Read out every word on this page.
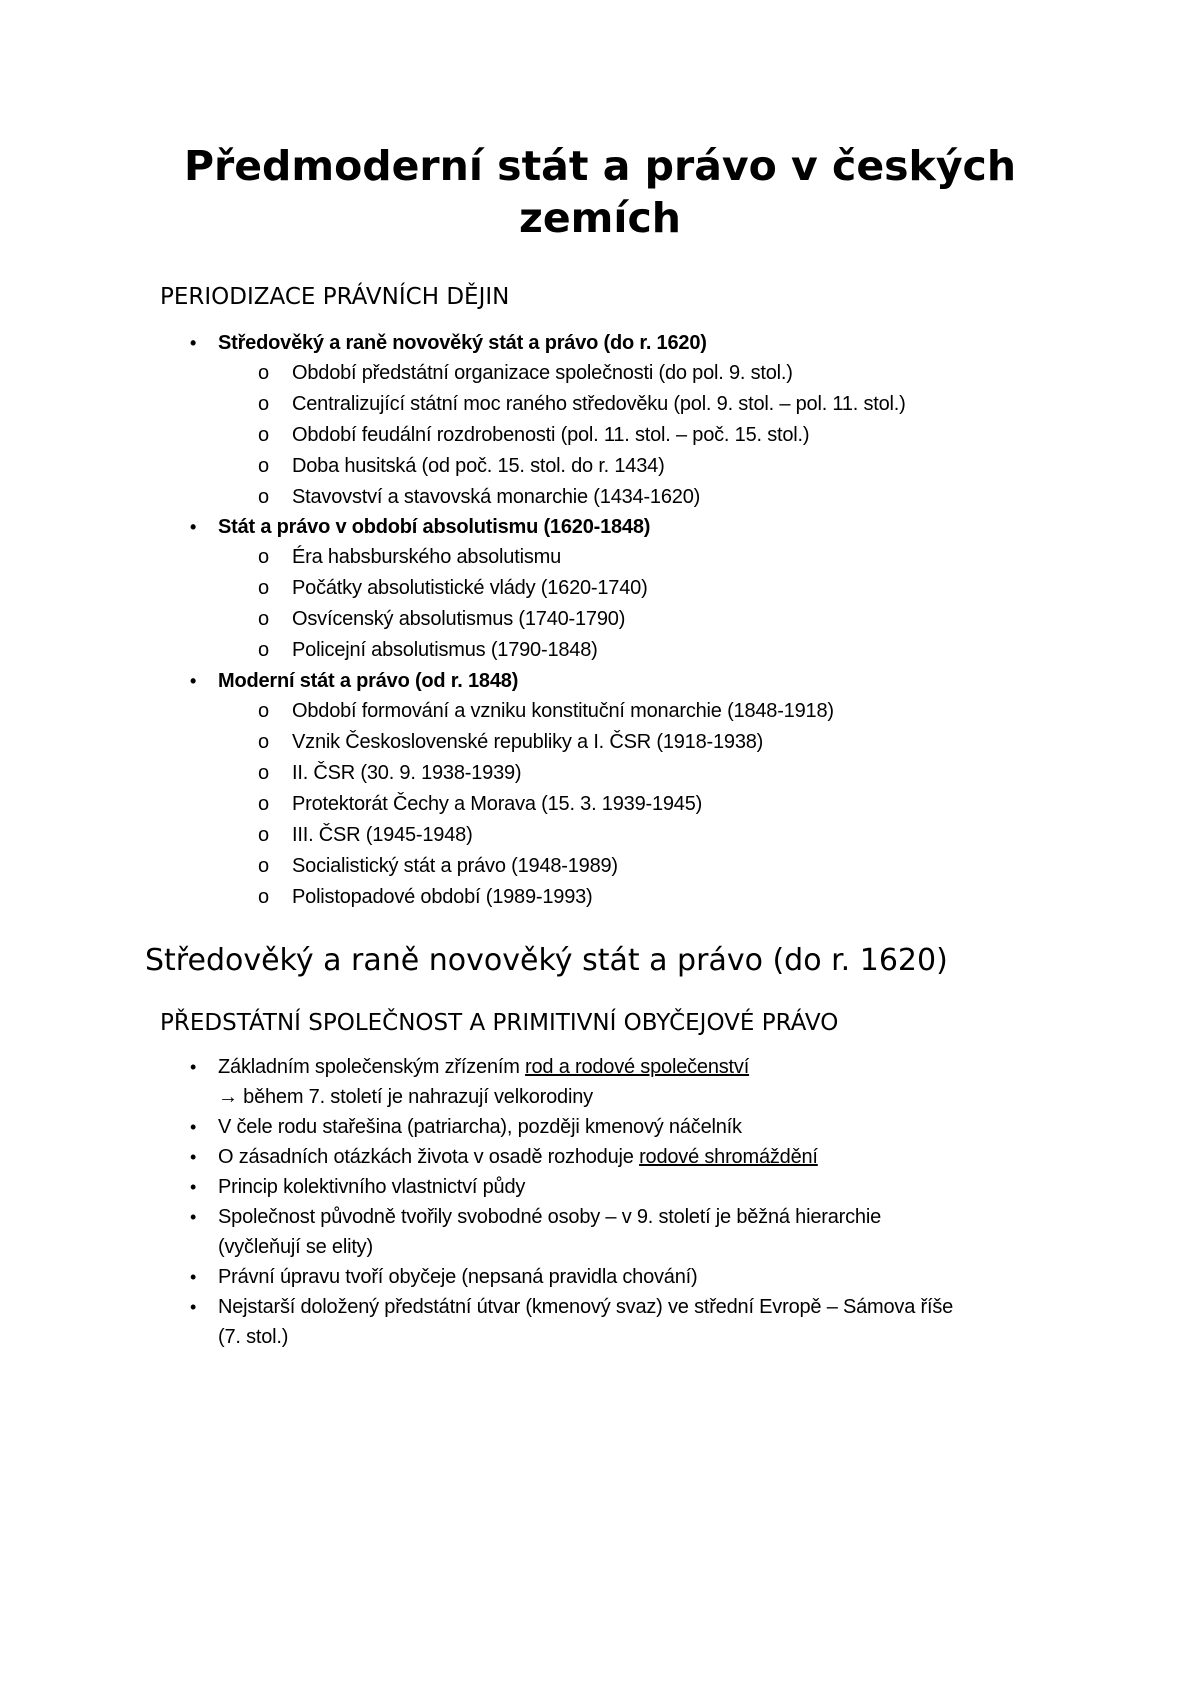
Předmoderní stát a právo v českých
zemích
PERIODIZACE PRÁVNÍCH DĚJIN
• Středověký a raně novověký stát a právo (do r. 1620)
o Období předstátní organizace společnosti (do pol. 9. stol.)
o Centralizující státní moc raného středověku (pol. 9. stol. – pol. 11. stol.)
o Období feudální rozdrobenosti (pol. 11. stol. – poč. 15. stol.)
o Doba husitská (od poč. 15. stol. do r. 1434)
o Stavovství a stavovská monarchie (1434-1620)
• Stát a právo v období absolutismu (1620-1848)
o Éra habsburského absolutismu
o Počátky absolutistické vlády (1620-1740)
o Osvícenský absolutismus (1740-1790)
o Policejní absolutismus (1790-1848)
• Moderní stát a právo (od r. 1848)
o Období formování a vzniku konstituční monarchie (1848-1918)
o Vznik Československé republiky a I. ČSR (1918-1938)
o II. ČSR (30. 9. 1938-1939)
o Protektorát Čechy a Morava (15. 3. 1939-1945)
o III. ČSR (1945-1948)
o Socialistický stát a právo (1948-1989)
o Polistopadové období (1989-1993)
Středověký a raně novověký stát a právo (do r. 1620)
PŘEDSTÁTNÍ SPOLEČNOST A PRIMITIVNÍ OBYČEJOVÉ PRÁVO
• Základním společenským zřízením rod a rodové společenství
→ během 7. století je nahrazují velkorodiny
• V čele rodu stařešina (patriarcha), později kmenový náčelník
• O zásadních otázkách života v osadě rozhoduje rodové shromáždění
• Princip kolektivního vlastnictví půdy
• Společnost původně tvořily svobodné osoby – v 9. století je běžná hierarchie
(vyčleňují se elity)
• Právní úpravu tvoří obyčeje (nepsaná pravidla chování)
• Nejstarší doložený předstátní útvar (kmenový svaz) ve střední Evropě – Sámova říše
(7. stol.)
